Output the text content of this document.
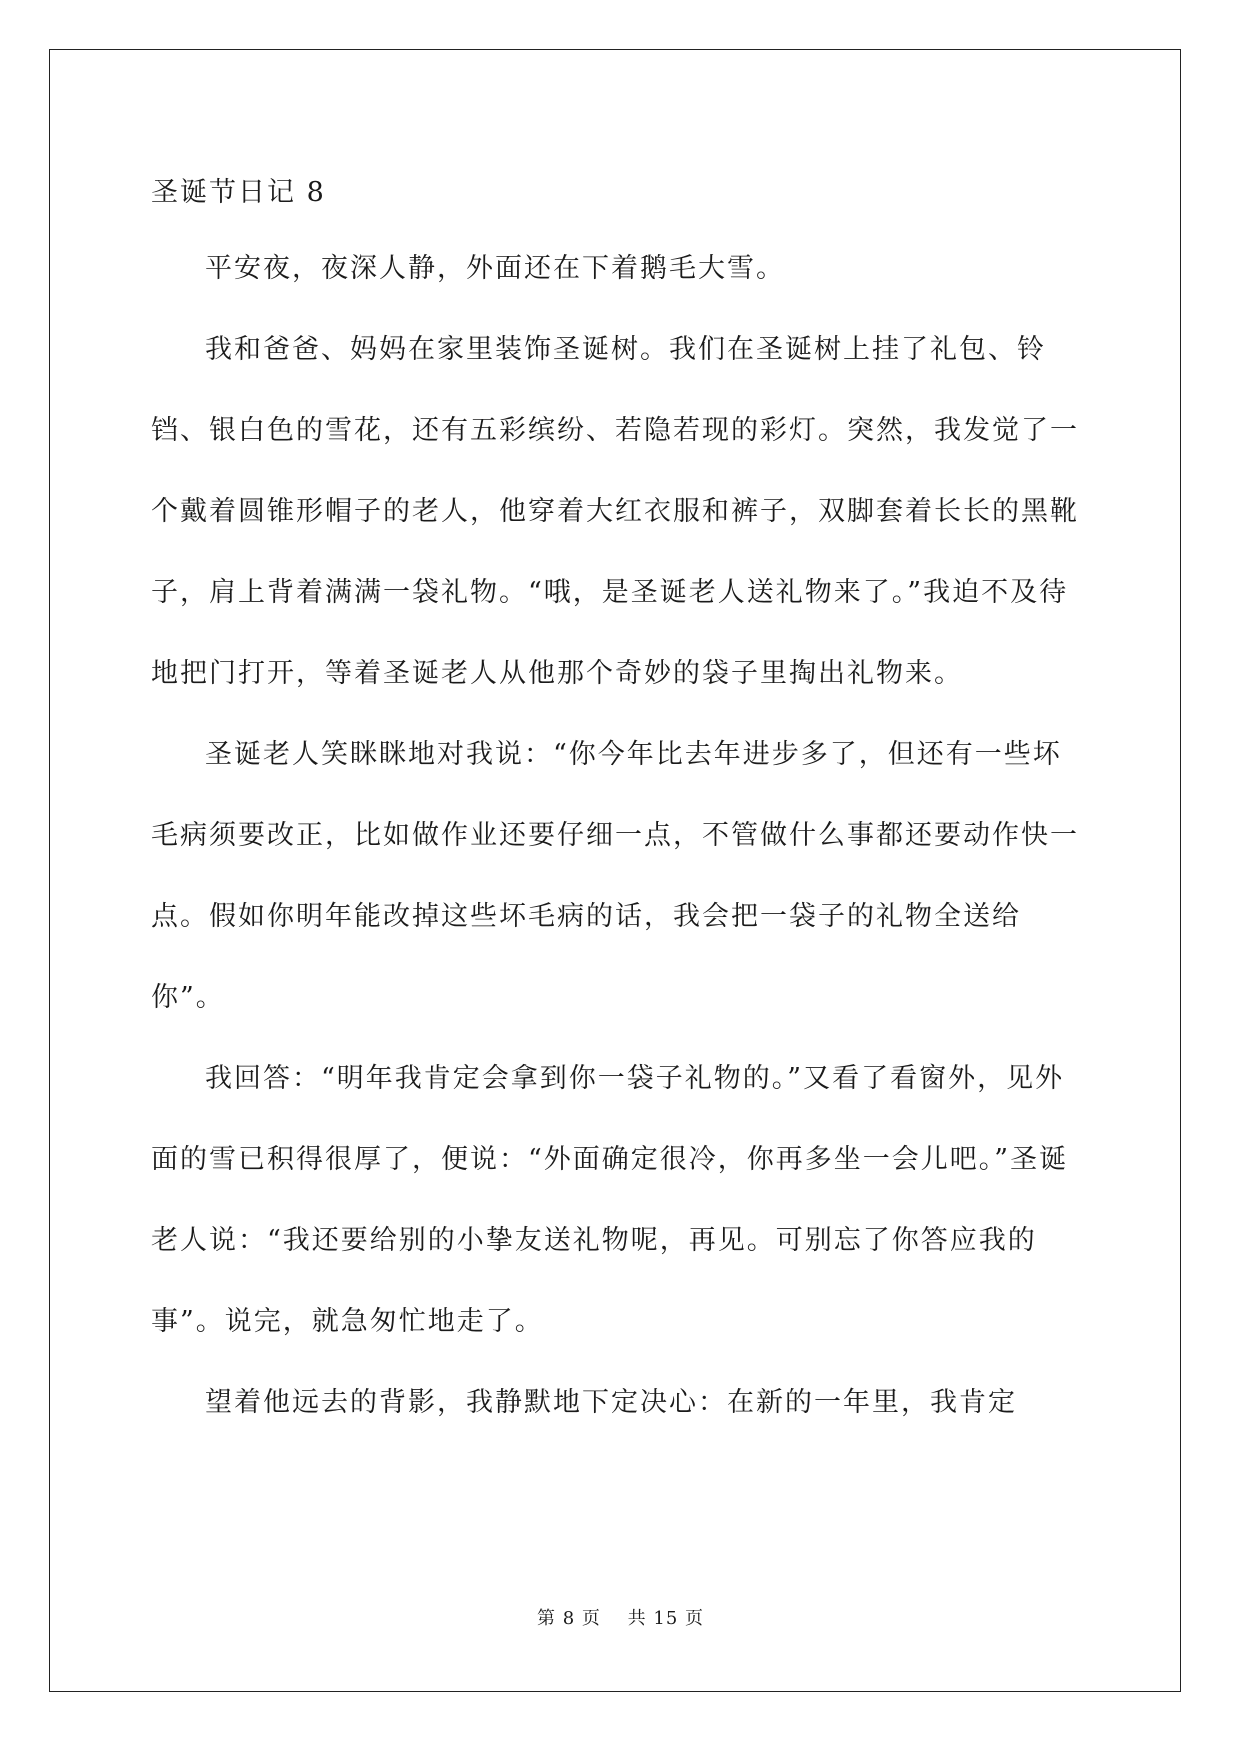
圣诞节日记 8

平安夜，夜深人静，外面还在下着鹅毛大雪。

我和爸爸、妈妈在家里装饰圣诞树。我们在圣诞树上挂了礼包、铃铛、银白色的雪花，还有五彩缤纷、若隐若现的彩灯。突然，我发觉了一个戴着圆锥形帽子的老人，他穿着大红衣服和裤子，双脚套着长长的黑靴子，肩上背着满满一袋礼物。“哦，是圣诞老人送礼物来了。”我迫不及待地把门打开，等着圣诞老人从他那个奇妙的袋子里掏出礼物来。

圣诞老人笑眯眯地对我说：“你今年比去年进步多了，但还有一些坏毛病须要改正，比如做作业还要仔细一点，不管做什么事都还要动作快一点。假如你明年能改掉这些坏毛病的话，我会把一袋子的礼物全送给你”。

我回答：“明年我肯定会拿到你一袋子礼物的。”又看了看窗外，见外面的雪已积得很厚了，便说：“外面确定很冷，你再多坐一会儿吧。”圣诞老人说：“我还要给别的小挚友送礼物呢，再见。可别忘了你答应我的事”。说完，就急匆忙地走了。

望着他远去的背影，我静默地下定决心：在新的一年里，我肯定

第 8 页 共 15 页
